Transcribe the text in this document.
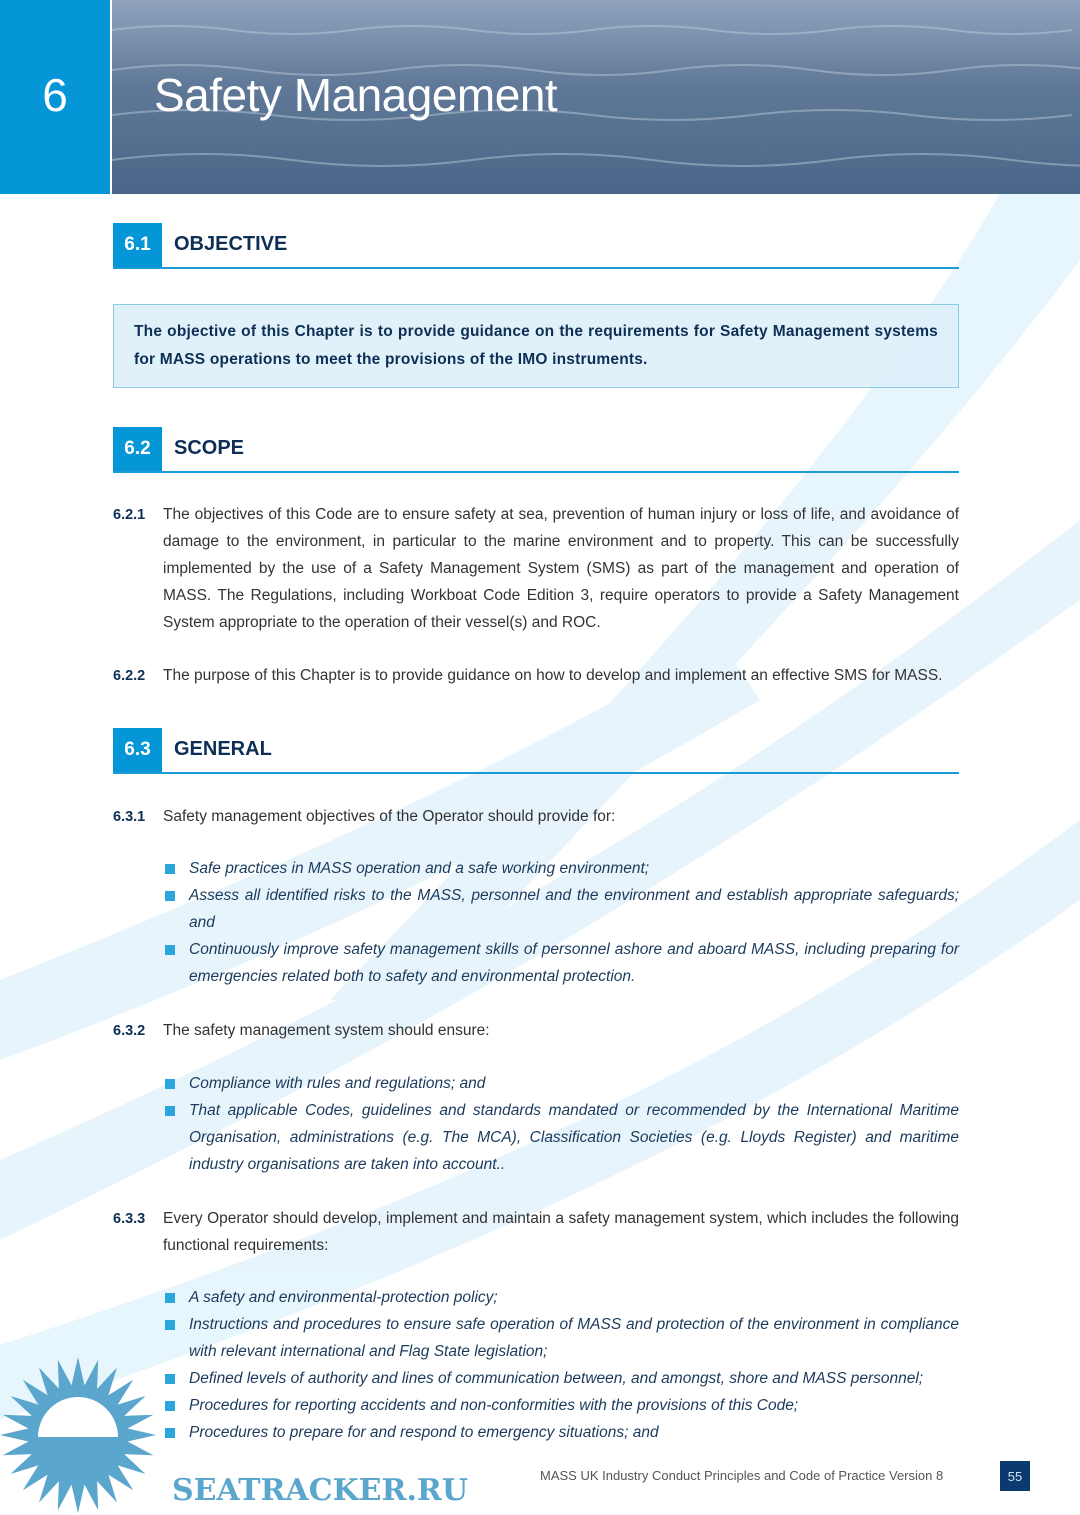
6	Safety Management
SEATRACKER.RU
6.1	OBJECTIVE
The objective of this Chapter is to provide guidance on the requirements for Safety Management systems for MASS operations to meet the provisions of the IMO instruments.
6.2	SCOPE
6.2.1 The objectives of this Code are to ensure safety at sea, prevention of human injury or loss of life, and avoidance of damage to the environment, in particular to the marine environment and to property. This can be successfully implemented by the use of a Safety Management System (SMS) as part of the management and operation of MASS. The Regulations, including Workboat Code Edition 3, require operators to provide a Safety Management System appropriate to the operation of their vessel(s) and ROC.
6.2.2 The purpose of this Chapter is to provide guidance on how to develop and implement an effective SMS for MASS.
6.3	GENERAL
6.3.1 Safety management objectives of the Operator should provide for:
Safe practices in MASS operation and a safe working environment;
Assess all identified risks to the MASS, personnel and the environment and establish appropriate safeguards; and
Continuously improve safety management skills of personnel ashore and aboard MASS, including preparing for emergencies related both to safety and environmental protection.
6.3.2 The safety management system should ensure:
Compliance with rules and regulations; and
That applicable Codes, guidelines and standards mandated or recommended by the International Maritime Organisation, administrations (e.g. The MCA), Classification Societies (e.g. Lloyds Register) and maritime industry organisations are taken into account..
6.3.3 Every Operator should develop, implement and maintain a safety management system, which includes the following functional requirements:
A safety and environmental-protection policy;
Instructions and procedures to ensure safe operation of MASS and protection of the environment in compliance with relevant international and Flag State legislation;
Defined levels of authority and lines of communication between, and amongst, shore and MASS personnel;
Procedures for reporting accidents and non-conformities with the provisions of this Code;
Procedures to prepare for and respond to emergency situations; and
MASS UK Industry Conduct Principles and Code of Practice Version 8	55
